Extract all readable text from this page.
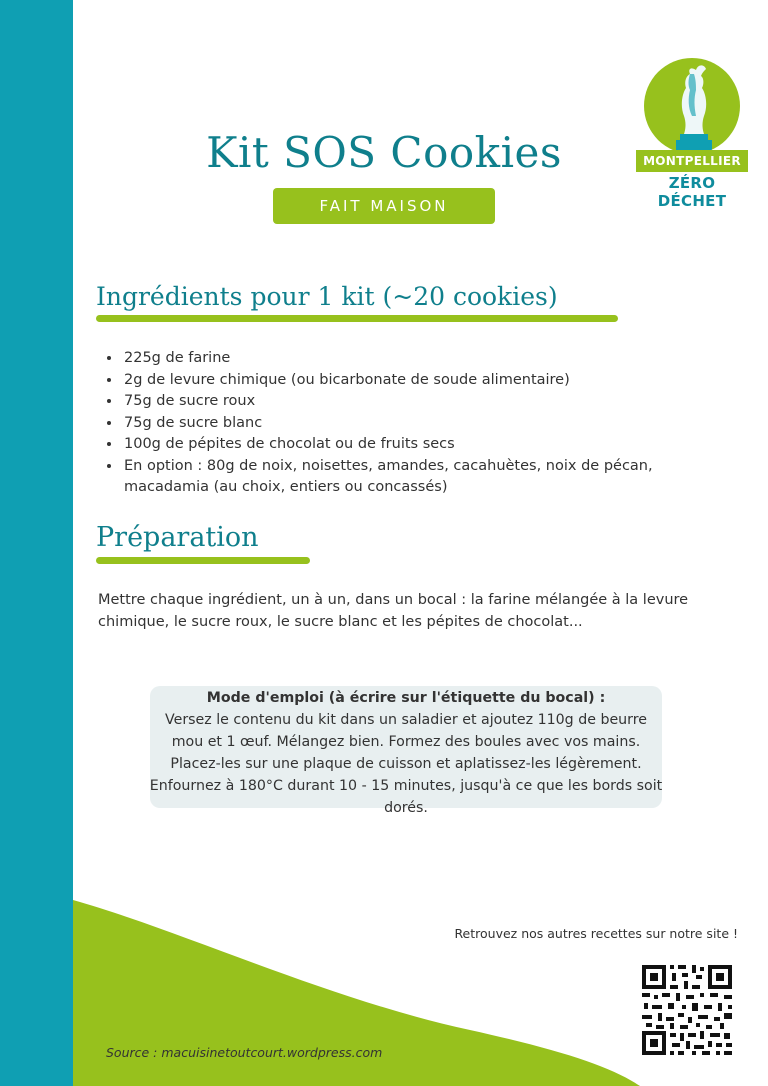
MONTPELLIER
ZÉRO DÉCHET
Kit SOS Cookies
FAIT MAISON
Ingrédients pour 1 kit (~20 cookies)
• 225g de farine
• 2g de levure chimique (ou bicarbonate de soude alimentaire)
• 75g de sucre roux
• 75g de sucre blanc
• 100g de pépites de chocolat ou de fruits secs
• En option : 80g de noix, noisettes, amandes, cacahuètes, noix de pécan, macadamia (au choix, entiers ou concassés)
Préparation

Mettre chaque ingrédient, un à un, dans un bocal : la farine mélangée à la levure chimique, le sucre roux, le sucre blanc et les pépites de chocolat...

Mode d'emploi (à écrire sur l'étiquette du bocal) :
Versez le contenu du kit dans un saladier et ajoutez 110g de beurre mou et 1 œuf. Mélangez bien. Formez des boules avec vos mains. Placez-les sur une plaque de cuisson et aplatissez-les légèrement. Enfournez à 180°C durant 10 - 15 minutes, jusqu'à ce que les bords soit dorés.
Retrouvez nos autres recettes sur notre site !
Source : macuisinetoutcourt.wordpress.com
